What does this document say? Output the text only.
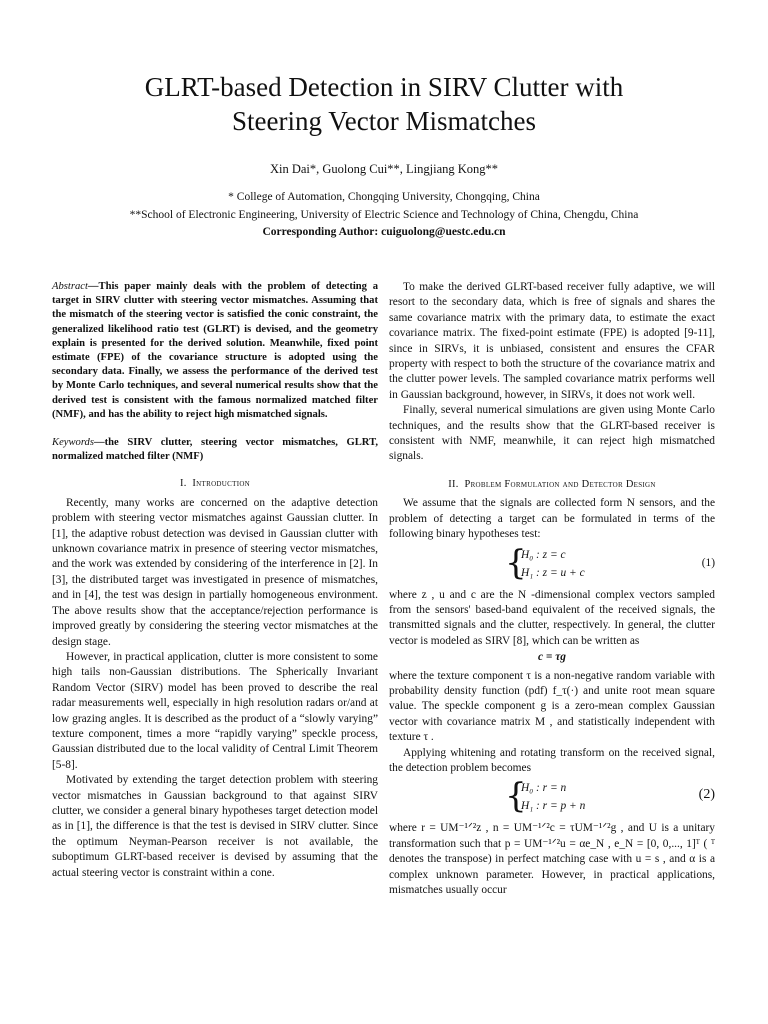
GLRT-based Detection in SIRV Clutter with
Steering Vector Mismatches
Xin Dai*, Guolong Cui**, Lingjiang Kong**
* College of Automation, Chongqing University, Chongqing, China
**School of Electronic Engineering, University of Electric Science and Technology of China, Chengdu, China
Corresponding Author: cuiguolong@uestc.edu.cn

Abstract—This paper mainly deals with the problem of detecting a target in SIRV clutter with steering vector mismatches. Assuming that the mismatch of the steering vector is satisfied the conic constraint, the generalized likelihood ratio test (GLRT) is devised, and the geometry explain is presented for the derived solution. Meanwhile, fixed point estimate (FPE) of the covariance structure is adopted using the secondary data. Finally, we assess the performance of the derived test by Monte Carlo techniques, and several numerical results show that the derived test is consistent with the famous normalized matched filter (NMF), and has the ability to reject high mismatched signals.

Keywords—the SIRV clutter, steering vector mismatches, GLRT, normalized matched filter (NMF)

I. Introduction

Recently, many works are concerned on the adaptive detection problem with steering vector mismatches against Gaussian clutter. In [1], the adaptive robust detection was devised in Gaussian clutter with unknown covariance matrix in presence of steering vector mismatches, and the work was extended by considering of the interference in [2]. In [3], the distributed target was investigated in presence of mismatches, and in [4], the test was design in partially homogeneous environment. The above results show that the acceptance/rejection performance is improved greatly by considering the steering vector mismatches at the design stage.

However, in practical application, clutter is more consistent to some high tails non-Gaussian distributions. The Spherically Invariant Random Vector (SIRV) model has been proved to describe the real radar measurements well, especially in high resolution radars or/and at low grazing angles. It is described as the product of a “slowly varying” texture component, times a more “rapidly varying” speckle process, Gaussian distributed due to the local validity of Central Limit Theorem [5-8].

Motivated by extending the target detection problem with steering vector mismatches in Gaussian background to that against SIRV clutter, we consider a general binary hypotheses target detection model as in [1], the difference is that the test is devised in SIRV clutter. Since the optimum Neyman-Pearson receiver is not available, the suboptimum GLRT-based receiver is devised by assuming that the actual steering vector is constraint within a cone.

To make the derived GLRT-based receiver fully adaptive, we will resort to the secondary data, which is free of signals and shares the same covariance matrix with the primary data, to estimate the exact covariance matrix. The fixed-point estimate (FPE) is adopted [9-11], since in SIRVs, it is unbiased, consistent and ensures the CFAR property with respect to both the structure of the covariance matrix and the clutter power levels. The sampled covariance matrix performs well in Gaussian background, however, in SIRVs, it does not work well.

Finally, several numerical simulations are given using Monte Carlo techniques, and the results show that the GLRT-based receiver is consistent with NMF, meanwhile, it can reject high mismatched signals.

II. Problem Formulation and Detector Design

We assume that the signals are collected form N sensors, and the problem of detecting a target can be formulated in terms of the following binary hypotheses test:

{
H₀ : z = c
H₁ : z = u + c
(1)

where z , u and c are the N -dimensional complex vectors sampled from the sensors' based-band equivalent of the received signals, the transmitted signals and the clutter, respectively. In general, the clutter vector is modeled as SIRV [8], which can be written as

c = τg

where the texture component τ is a non-negative random variable with probability density function (pdf) f_τ(·) and unite root mean square value. The speckle component g is a zero-mean complex Gaussian vector with covariance matrix M , and statistically independent with texture τ .

Applying whitening and rotating transform on the received signal, the detection problem becomes

{
H₀ : r = n
H₁ : r = p + n
(2)

where r = UM⁻¹ᐟ²z , n = UM⁻¹ᐟ²c = τUM⁻¹ᐟ²g , and U is a unitary transformation such that p = UM⁻¹ᐟ²u = αe_N , e_N = [0, 0,..., 1]ᵀ ( ᵀ denotes the transpose) in perfect matching case with u = s , and α is a complex unknown parameter. However, in practical applications, mismatches usually occur
